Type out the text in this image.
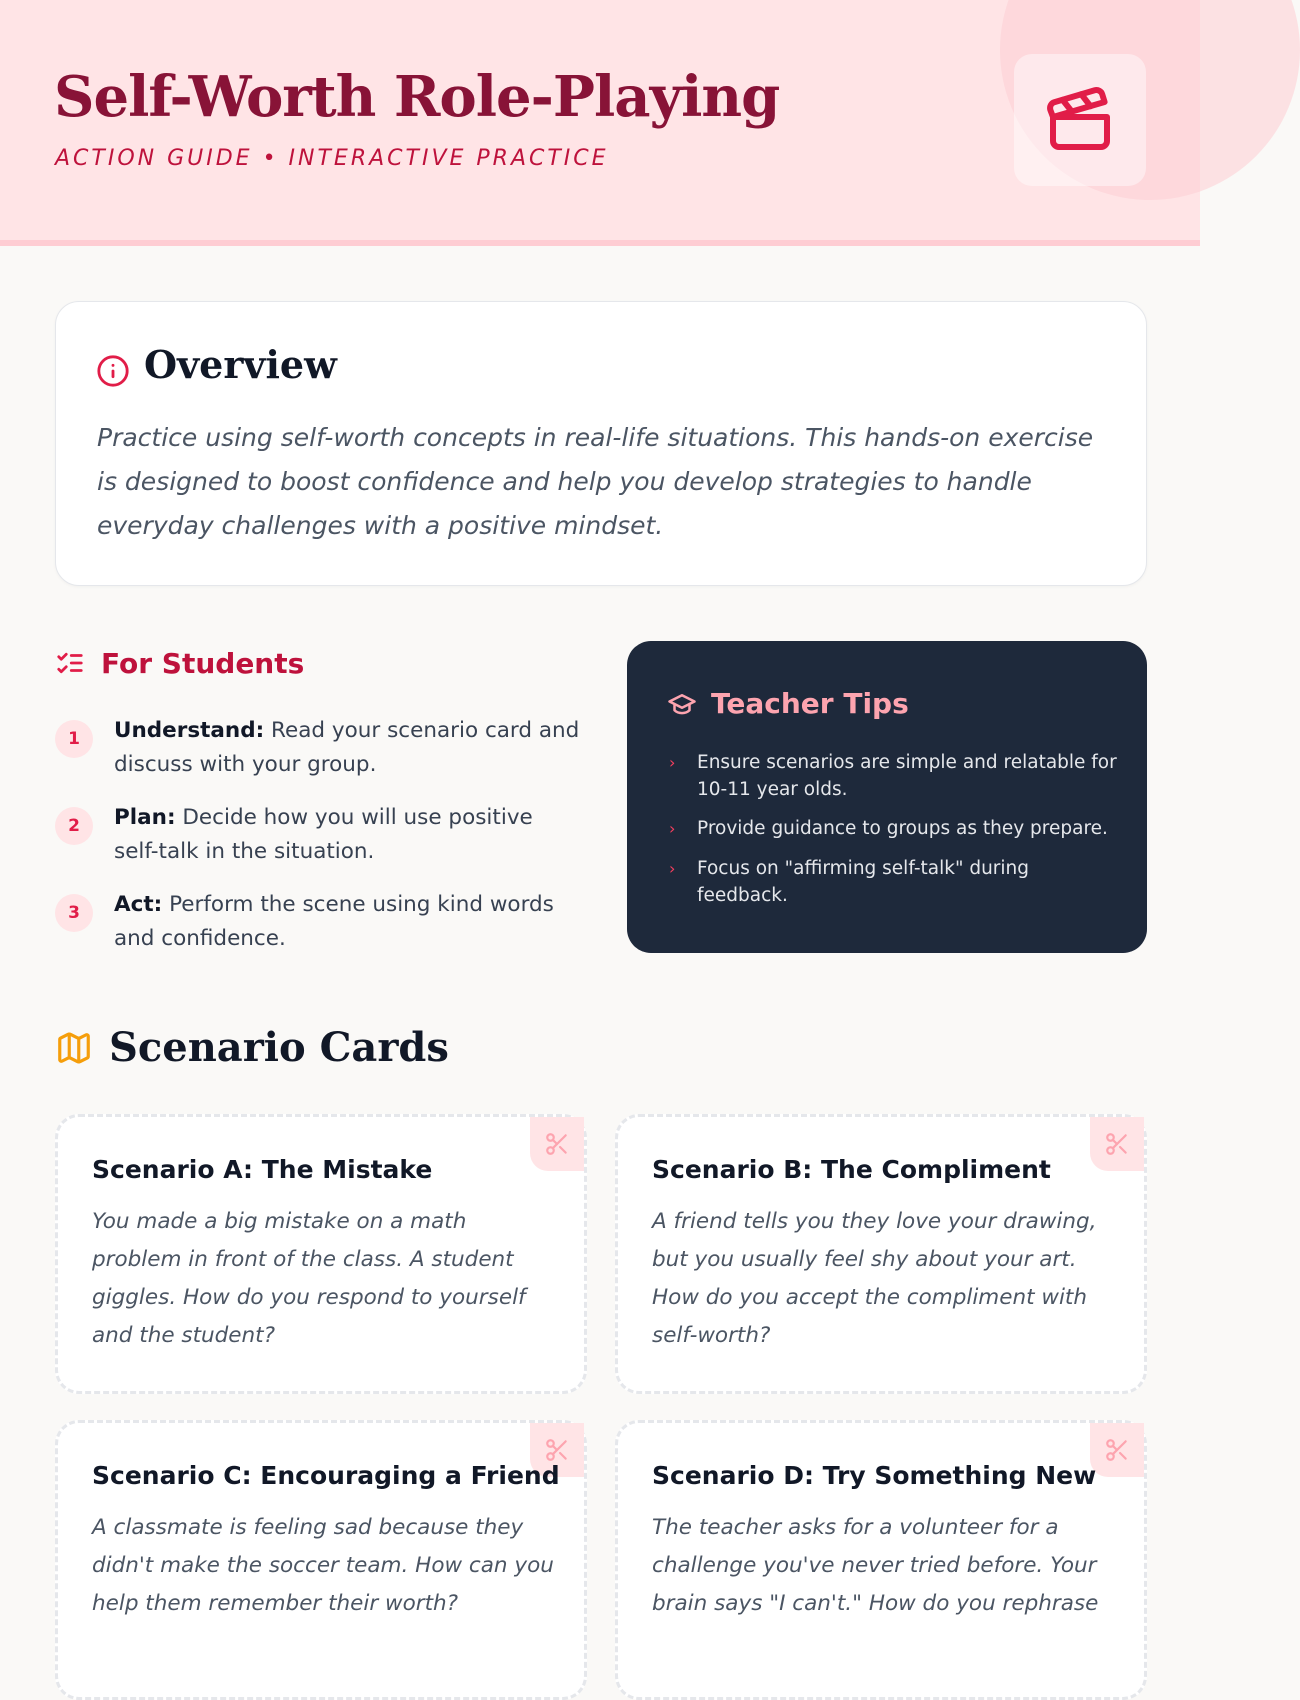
Self-Worth Role-Playing
ACTION GUIDE • INTERACTIVE PRACTICE
Overview

Practice using self-worth concepts in real-life situations. This hands-on exercise is designed to boost confidence and help you develop strategies to handle everyday challenges with a positive mindset.

For Students
1	Understand: Read your scenario card and discuss with your group.
2	Plan: Decide how you will use positive self-talk in the situation.
3	Act: Perform the scene using kind words and confidence.
Teacher Tips
› Ensure scenarios are simple and relatable for 10-11 year olds.
› Provide guidance to groups as they prepare.
› Focus on "affirming self-talk" during feedback.
Scenario Cards
Scenario A: The Mistake

You made a big mistake on a math problem in front of the class. A student giggles. How do you respond to yourself and the student?

Scenario B: The Compliment

A friend tells you they love your drawing, but you usually feel shy about your art. How do you accept the compliment with self-worth?

Scenario C: Encouraging a Friend

A classmate is feeling sad because they didn't make the soccer team. How can you help them remember their worth?

Scenario D: Try Something New

The teacher asks for a volunteer for a challenge you've never tried before. Your brain says "I can't." How do you rephrase
